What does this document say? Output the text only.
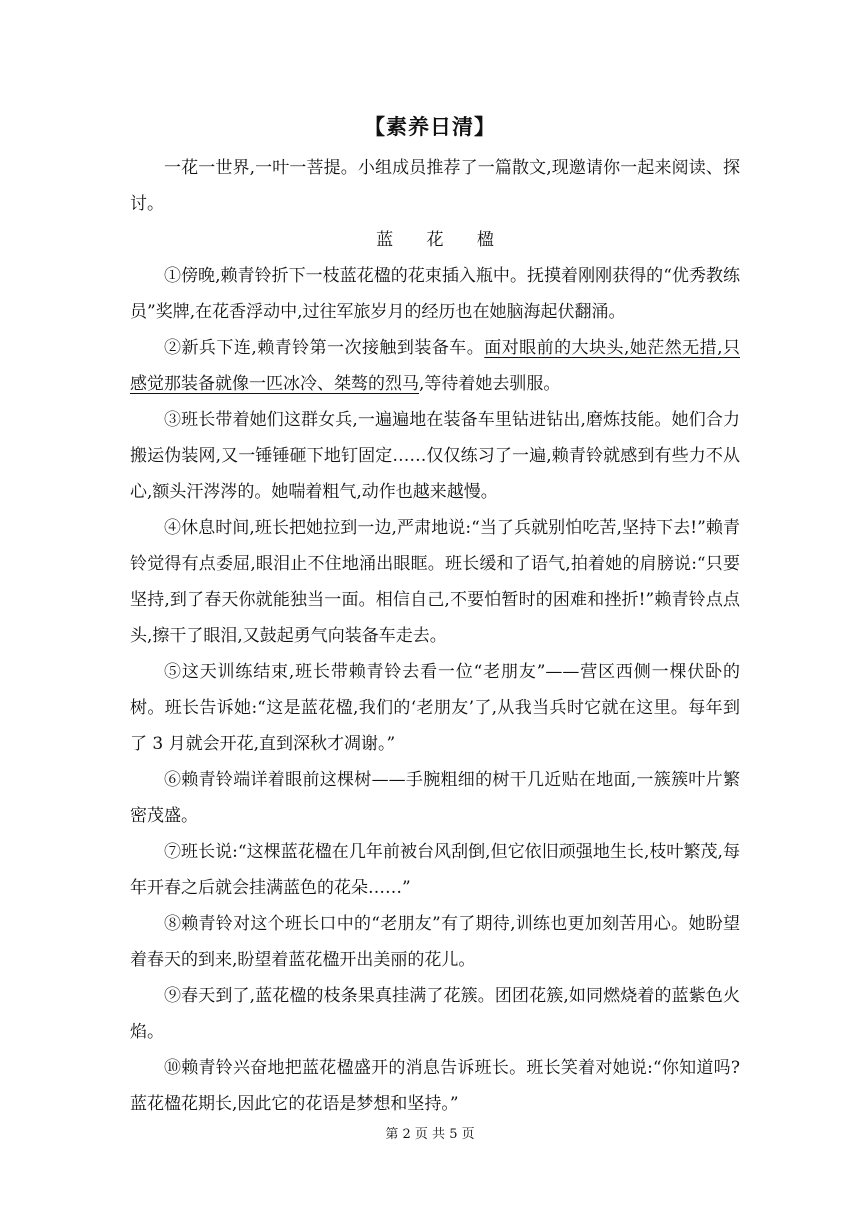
【素养日清】

一花一世界,一叶一菩提。小组成员推荐了一篇散文,现邀请你一起来阅读、探讨。

蓝 花 楹

①傍晚,赖青铃折下一枝蓝花楹的花束插入瓶中。抚摸着刚刚获得的“优秀教练员”奖牌,在花香浮动中,过往军旅岁月的经历也在她脑海起伏翻涌。

②新兵下连,赖青铃第一次接触到装备车。面对眼前的大块头,她茫然无措,只感觉那装备就像一匹冰冷、桀骜的烈马,等待着她去驯服。

③班长带着她们这群女兵,一遍遍地在装备车里钻进钻出,磨炼技能。她们合力搬运伪装网,又一锤锤砸下地钉固定……仅仅练习了一遍,赖青铃就感到有些力不从心,额头汗涔涔的。她喘着粗气,动作也越来越慢。

④休息时间,班长把她拉到一边,严肃地说:“当了兵就别怕吃苦,坚持下去!”赖青铃觉得有点委屈,眼泪止不住地涌出眼眶。班长缓和了语气,拍着她的肩膀说:“只要坚持,到了春天你就能独当一面。相信自己,不要怕暂时的困难和挫折!”赖青铃点点头,擦干了眼泪,又鼓起勇气向装备车走去。

⑤这天训练结束,班长带赖青铃去看一位“老朋友”——营区西侧一棵伏卧的树。班长告诉她:“这是蓝花楹,我们的‘老朋友’了,从我当兵时它就在这里。每年到了 3 月就会开花,直到深秋才凋谢。”

⑥赖青铃端详着眼前这棵树——手腕粗细的树干几近贴在地面,一簇簇叶片繁密茂盛。

⑦班长说:“这棵蓝花楹在几年前被台风刮倒,但它依旧顽强地生长,枝叶繁茂,每年开春之后就会挂满蓝色的花朵……”

⑧赖青铃对这个班长口中的“老朋友”有了期待,训练也更加刻苦用心。她盼望着春天的到来,盼望着蓝花楹开出美丽的花儿。

⑨春天到了,蓝花楹的枝条果真挂满了花簇。团团花簇,如同燃烧着的蓝紫色火焰。

⑩赖青铃兴奋地把蓝花楹盛开的消息告诉班长。班长笑着对她说:“你知道吗?蓝花楹花期长,因此它的花语是梦想和坚持。”

第 2 页 共 5 页
